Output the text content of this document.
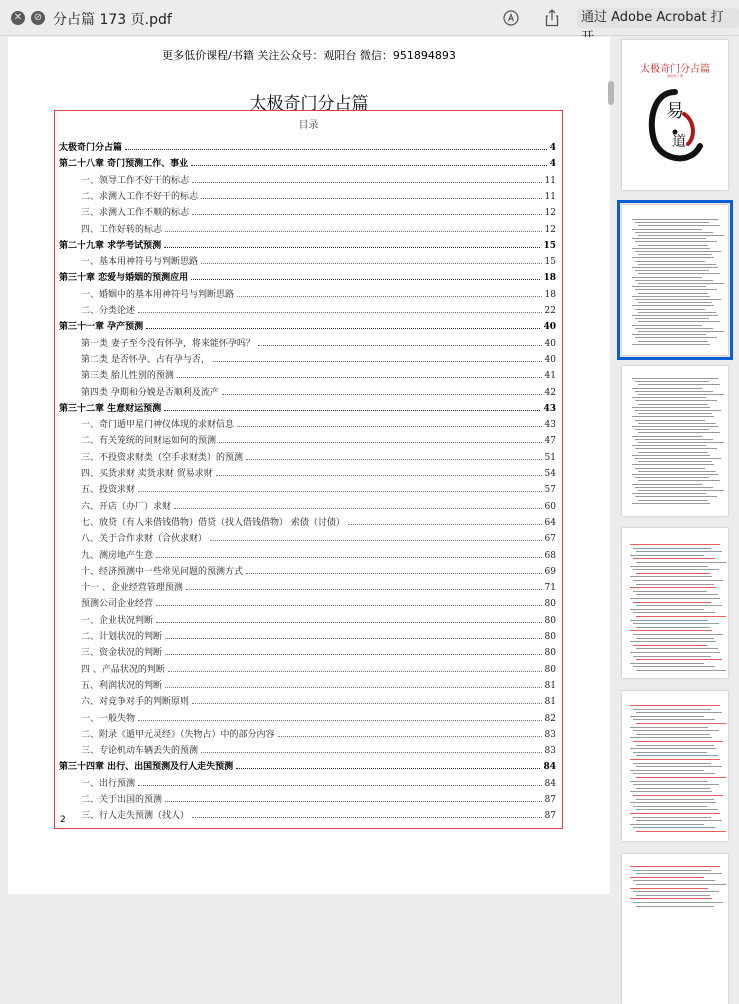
✕ ⊘ 分占篇 173 页.pdf	通过 Adobe Acrobat 打
更多低价课程/书籍 关注公众号：观阳台 微信：951894893
太极奇门分占篇
目录
2
太极奇门分占篇	4
第二十八章 奇门预测工作、事业	4
一、领导工作不好干的标志	11
二、求测人工作不好干的标志	11
三、求测人工作不顺的标志	12
四、工作好转的标志	12
第二十九章 求学考试预测	15
一、基本用神符号与判断思路	15
第三十章 恋爱与婚姻的预测应用	18
一、婚姻中的基本用神符号与判断思路	18
二、分类论述	22
第三十一章 孕产预测	40
第一类 妻子至今没有怀孕，将来能怀孕吗？	40
第二类 是否怀孕、占有孕与否，	40
第三类 胎儿性别的预测	41
第四类 孕期和分娩是否顺利及流产	42
第三十二章 生意财运预测	43
一、奇门遁甲星门神仪体现的求财信息	43
二、有关笼统的问财运如何的预测	47
三、不投资求财类（空手求财类）的预测	51
四、买货求财 卖货求财 贸易求财	54
五、投资求财	57
六、开店（办厂）求财	60
七、放贷（有人来借钱借物）借贷（找人借钱借物） 索债（讨债）	64
八、关于合作求财（合伙求财）	67
九、测房地产生意	68
十、经济预测中一些常见问题的预测方式	69
十一 、企业经营管理预测	71
预测公司企业经营	80
一、企业状况判断	80
二、计划状况的判断	80
三、资金状况的判断	80
四 、产品状况的判断	80
五、利润状况的判断	81
六、对竞争对手的判断原则	81
一、一般失物	82
二、附录《遁甲元灵经》（失物占）中的部分内容	83
三、专论机动车辆丢失的预测	83
第三十四章 出行、出国预测及行人走失预测	84
一、出行预测	84
二、关于出国的预测	87
三、行人走失预测（找人）	87
太极奇门分占篇
觉知居士 著
易
道
